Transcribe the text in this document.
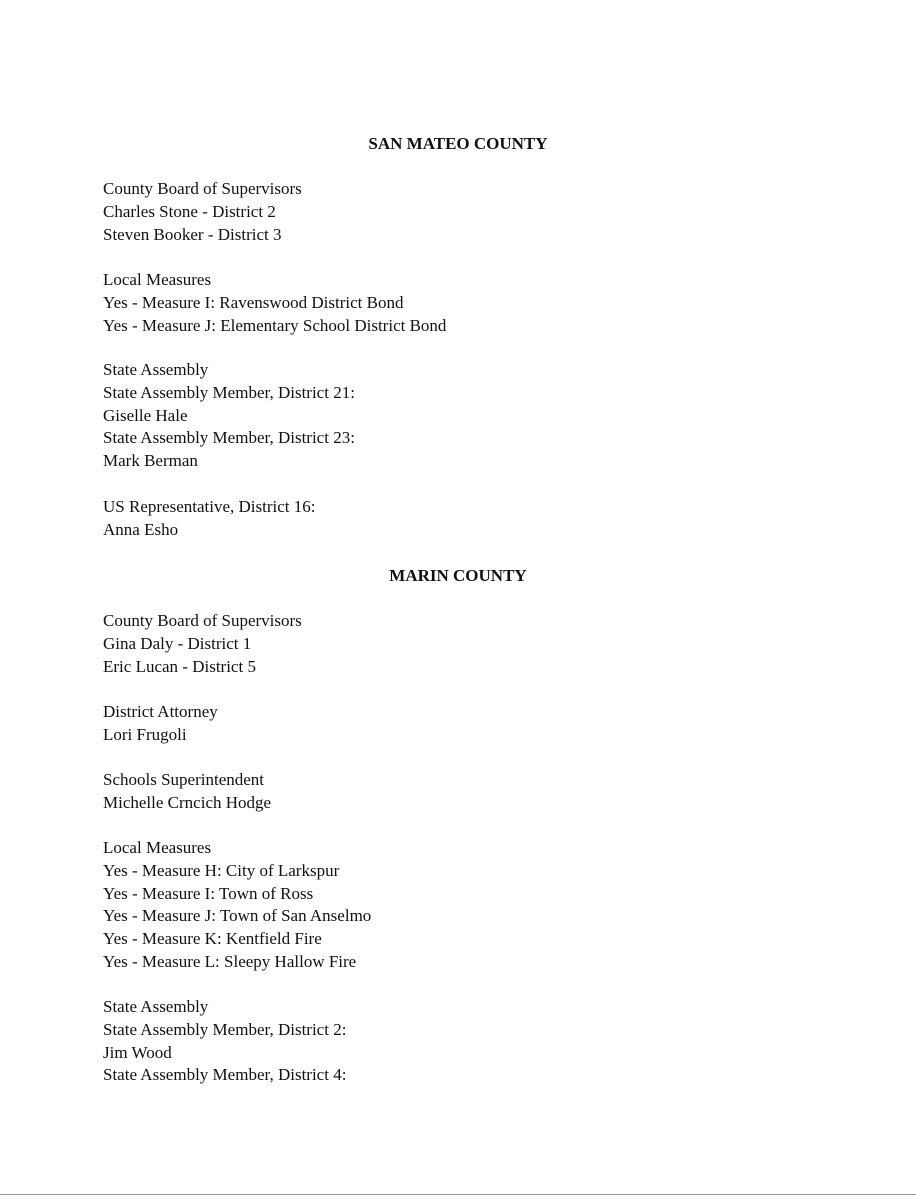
SAN MATEO COUNTY
County Board of Supervisors
Charles Stone - District 2
Steven Booker - District 3
Local Measures
Yes - Measure I: Ravenswood District Bond
Yes - Measure J: Elementary School District Bond
State Assembly
State Assembly Member, District 21:
Giselle Hale
State Assembly Member, District 23:
Mark Berman
US Representative, District 16:
Anna Esho
MARIN COUNTY
County Board of Supervisors
Gina Daly - District 1
Eric Lucan - District 5
District Attorney
Lori Frugoli
Schools Superintendent
Michelle Crncich Hodge
Local Measures
Yes - Measure H: City of Larkspur
Yes - Measure I: Town of Ross
Yes - Measure J: Town of San Anselmo
Yes - Measure K: Kentfield Fire
Yes - Measure L: Sleepy Hallow Fire
State Assembly
State Assembly Member, District 2:
Jim Wood
State Assembly Member, District 4:
